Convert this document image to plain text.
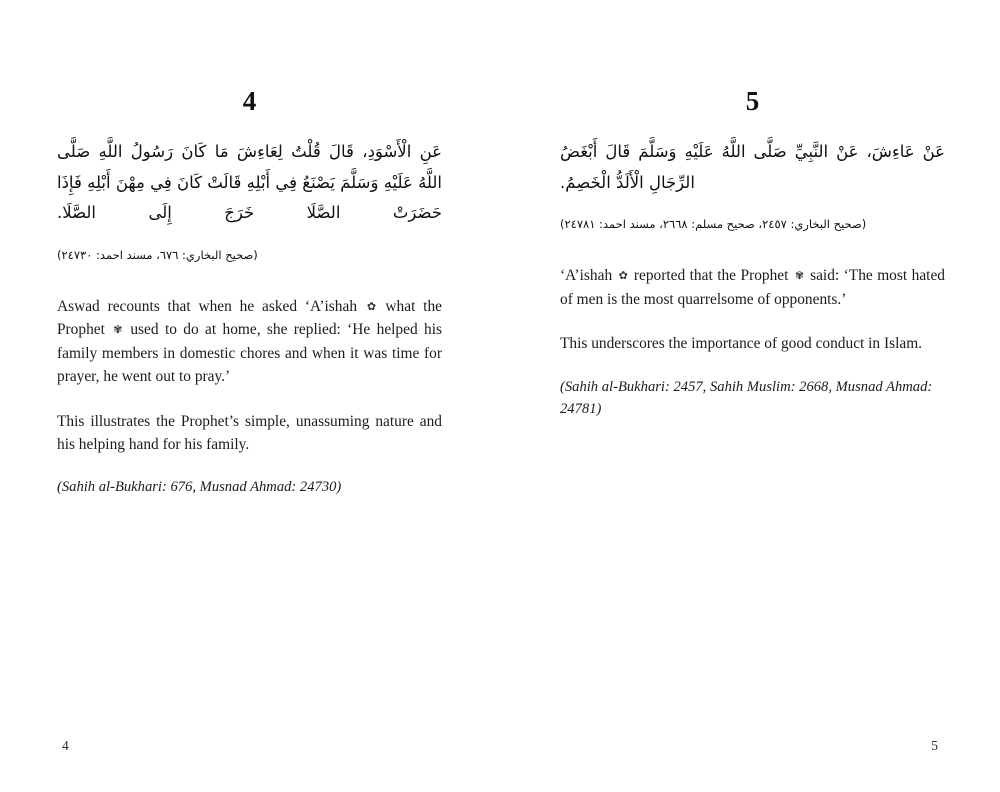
4
عَنِ الْأَسْوَدِ، قَالَ قُلْتُ لِعَاءِشَ مَا كَانَ رَسُولُ اللَّهِ صَلَّى اللَّهُ عَلَيْهِ وَسَلَّمَ يَصْنَعُ فِي أَبْلِهِ قَالَتْ كَانَ فِي مِهْنَ أَبْلِهِ فَإِذَا حَضَرَتْ الصَّلَا خَرَجَ إِلَى الصَّلَا.
(صحيح البخاري: ٦٧٦، مسند احمد: ٢٤٧٣٠)

Aswad recounts that when he asked ‘A’ishah ✿ what the Prophet ✾ used to do at home, she replied: ‘He helped his family members in domestic chores and when it was time for prayer, he went out to pray.’

This illustrates the Prophet’s simple, unassuming nature and his helping hand for his family.

(Sahih al-Bukhari: 676, Musnad Ahmad: 24730)
4
5
عَنْ عَاءِشَ، عَنْ النَّبِيِّ صَلَّى اللَّهُ عَلَيْهِ وَسَلَّمَ قَالَ أَبْغَضُ الرِّجَالِ الْأَلَدُّ الْخَصِمُ.
(صحيح البخاري: ٢٤٥٧، صحيح مسلم: ٢٦٦٨، مسند احمد: ٢٤٧٨١)

‘A’ishah ✿ reported that the Prophet ✾ said: ‘The most hated of men is the most quarrelsome of opponents.’

This underscores the importance of good conduct in Islam.

(Sahih al-Bukhari: 2457, Sahih Muslim: 2668, Musnad Ahmad: 24781)
5
